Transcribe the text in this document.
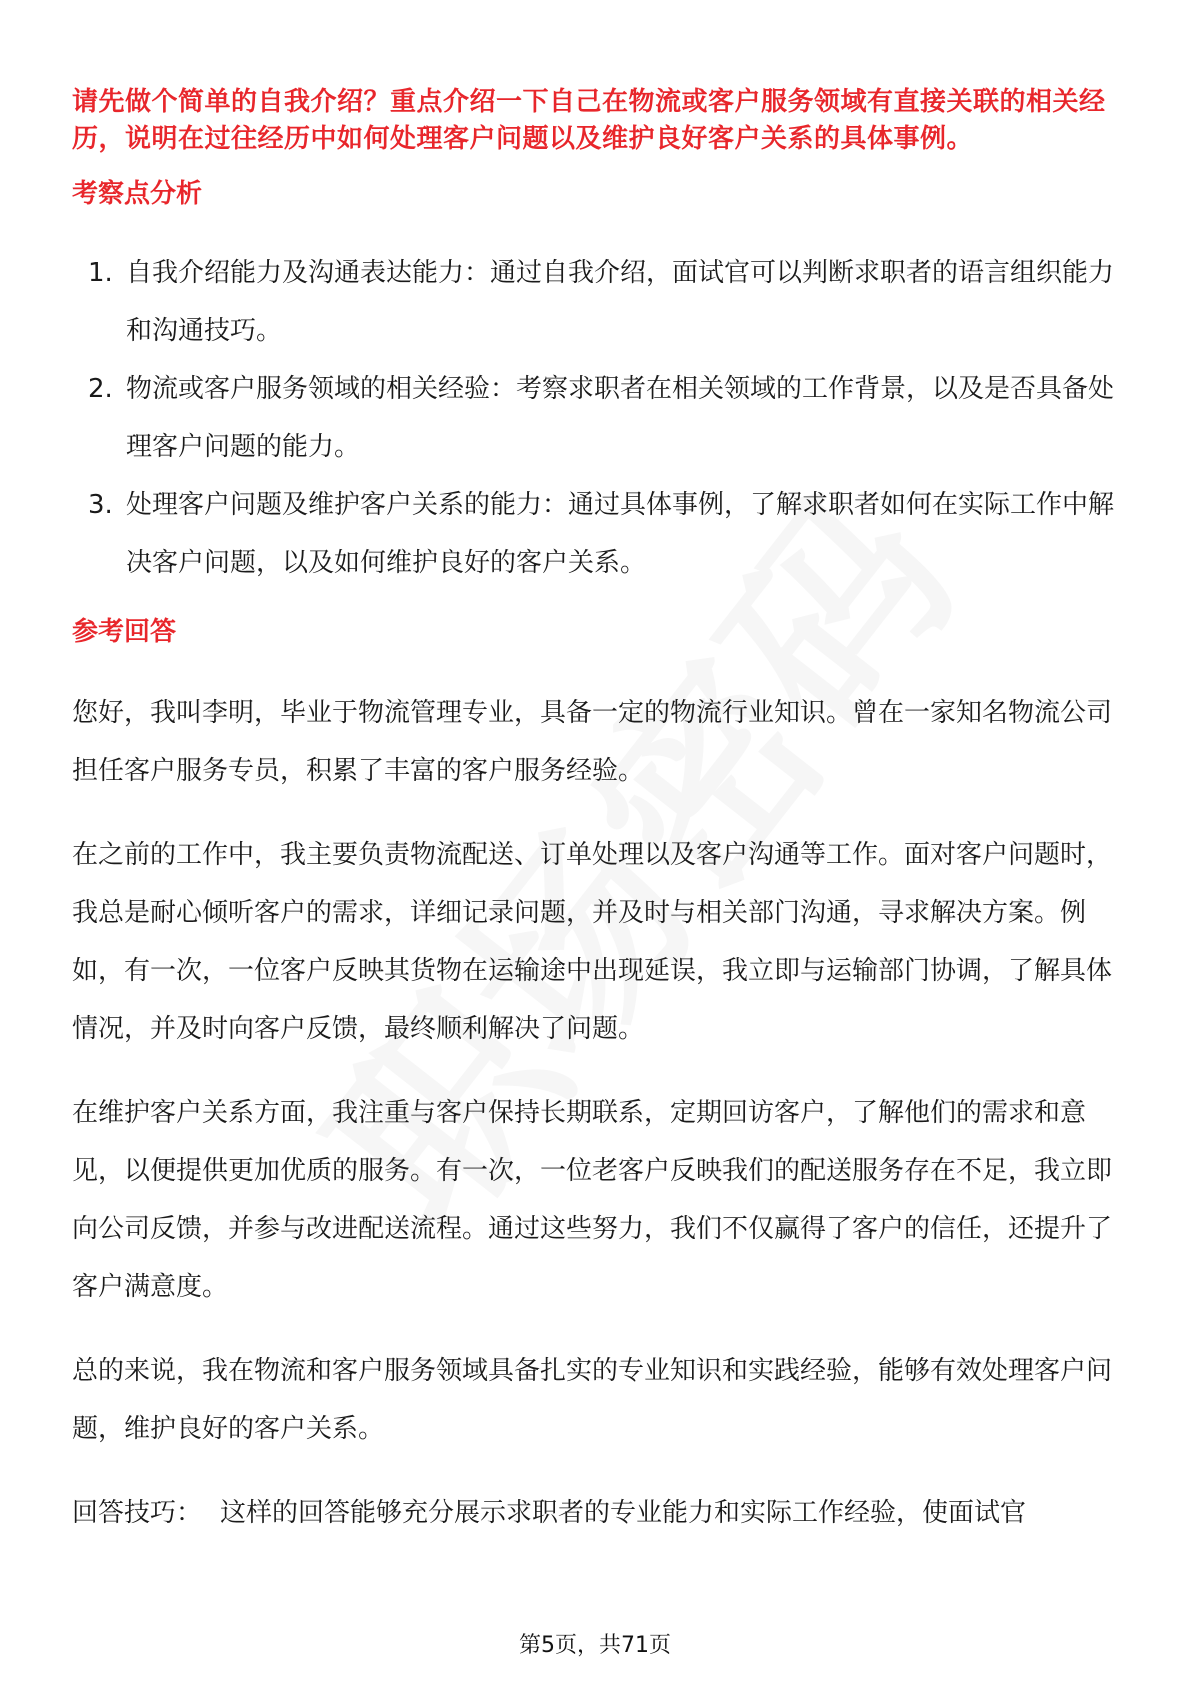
请先做个简单的自我介绍？重点介绍一下自己在物流或客户服务领域有直接关联的相关经历，说明在过往经历中如何处理客户问题以及维护良好客户关系的具体事例。

考察点分析
1. 自我介绍能力及沟通表达能力：通过自我介绍，面试官可以判断求职者的语言组织能力和沟通技巧。
2. 物流或客户服务领域的相关经验：考察求职者在相关领域的工作背景，以及是否具备处理客户问题的能力。
3. 处理客户问题及维护客户关系的能力：通过具体事例，了解求职者如何在实际工作中解决客户问题，以及如何维护良好的客户关系。
参考回答

您好，我叫李明，毕业于物流管理专业，具备一定的物流行业知识。曾在一家知名物流公司担任客户服务专员，积累了丰富的客户服务经验。

在之前的工作中，我主要负责物流配送、订单处理以及客户沟通等工作。面对客户问题时，我总是耐心倾听客户的需求，详细记录问题，并及时与相关部门沟通，寻求解决方案。例如，有一次，一位客户反映其货物在运输途中出现延误，我立即与运输部门协调，了解具体情况，并及时向客户反馈，最终顺利解决了问题。

在维护客户关系方面，我注重与客户保持长期联系，定期回访客户，了解他们的需求和意见，以便提供更加优质的服务。有一次，一位老客户反映我们的配送服务存在不足，我立即向公司反馈，并参与改进配送流程。通过这些努力，我们不仅赢得了客户的信任，还提升了客户满意度。

总的来说，我在物流和客户服务领域具备扎实的专业知识和实践经验，能够有效处理客户问题，维护良好的客户关系。

回答技巧： 这样的回答能够充分展示求职者的专业能力和实际工作经验，使面试官
第5页，共71页
